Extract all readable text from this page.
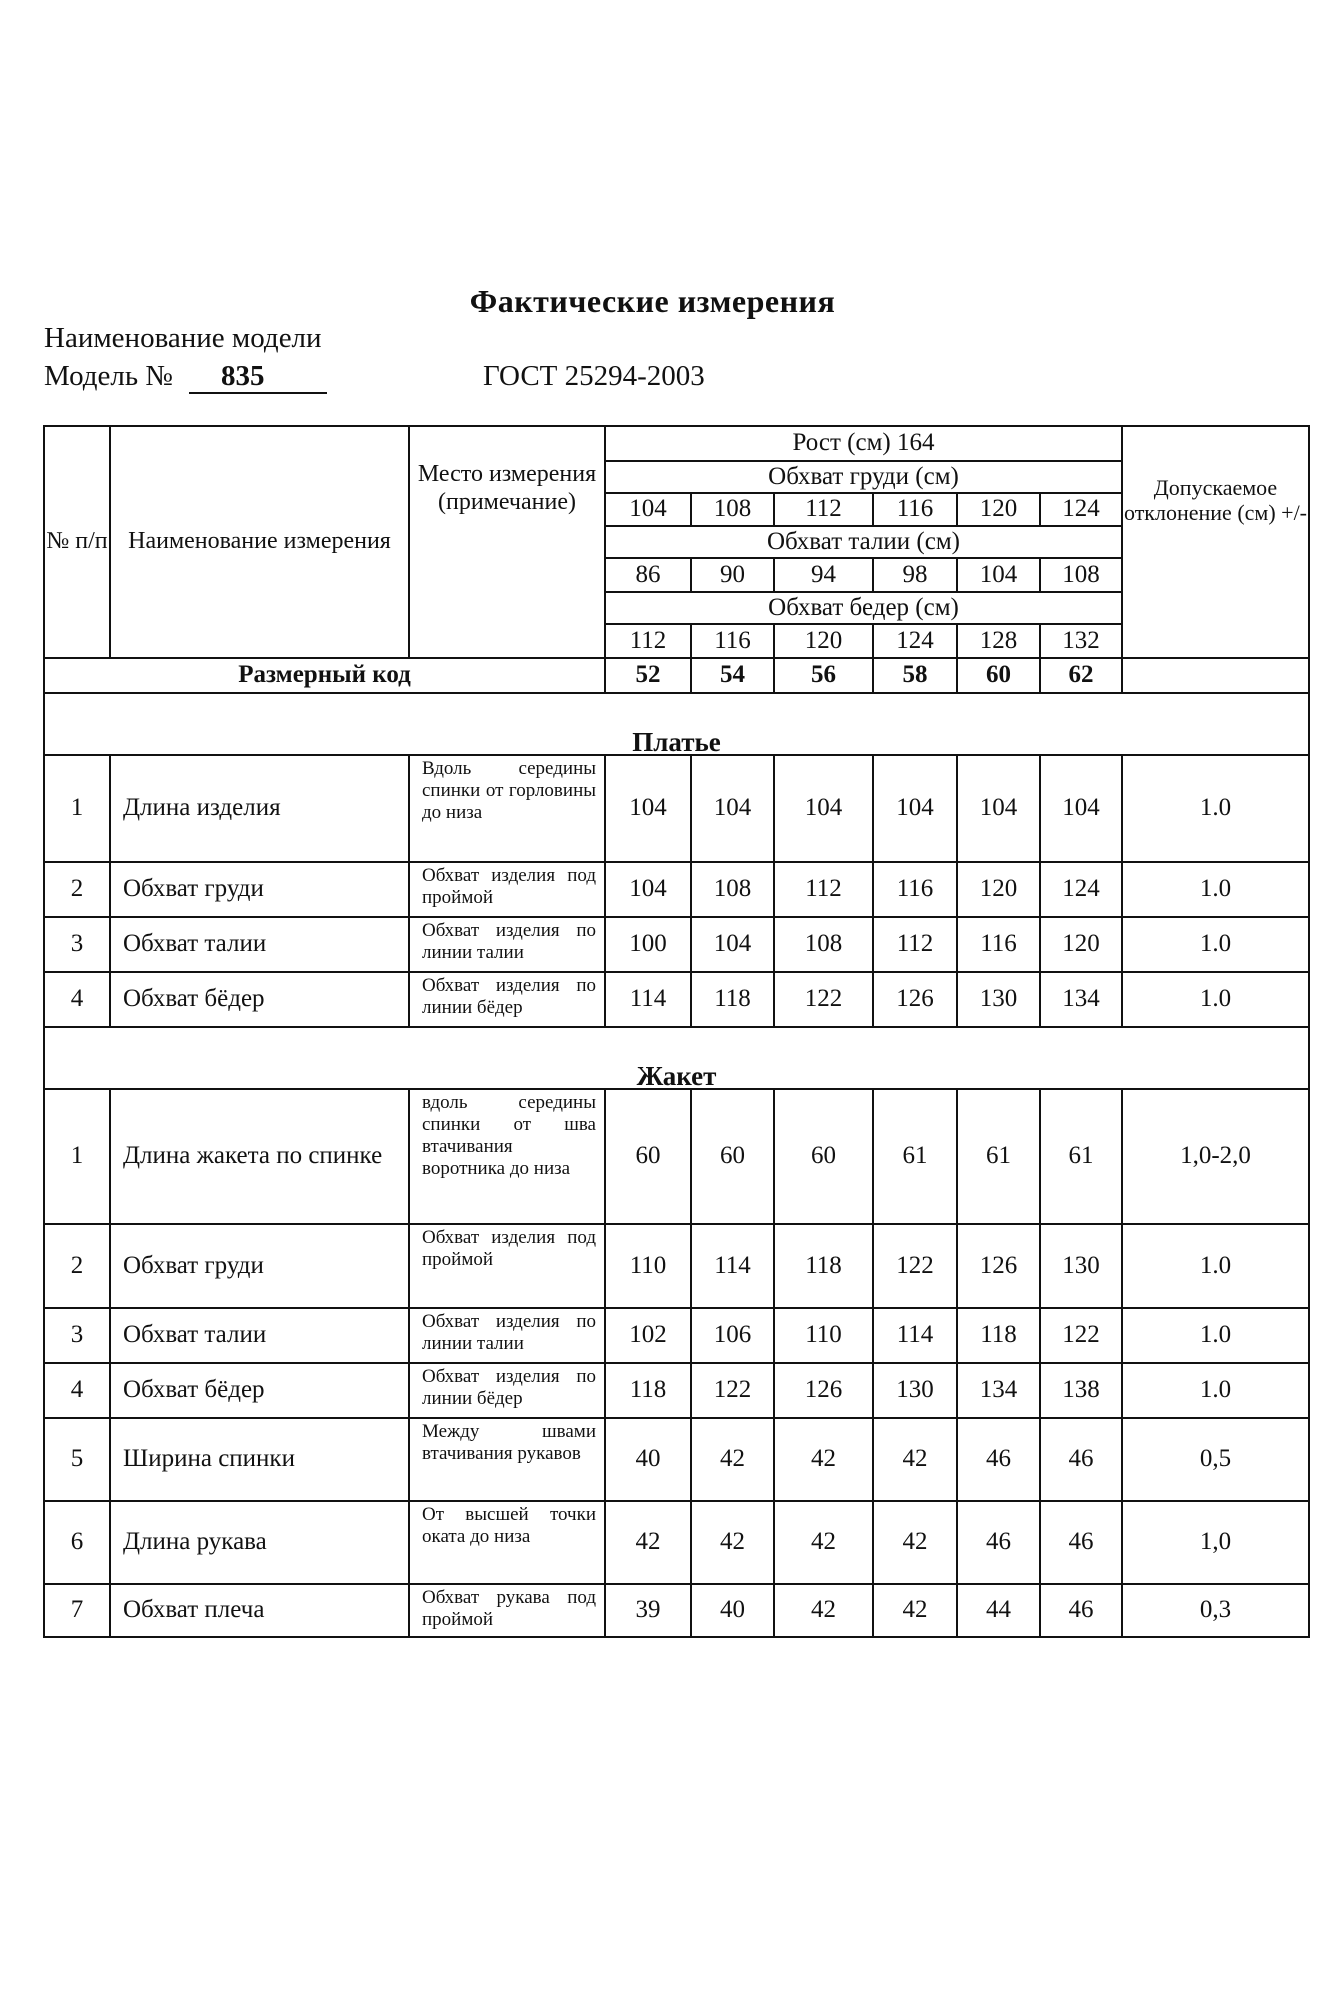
Фактические измерения
Наименование модели
Модель № 835	ГОСТ 25294-2003
№ п/п	Наименование измерения	Место измерения (примечание)	Рост (см) 164						
			Обхват груди (см)						Допускаемое отклонение (см) +/-
			104	108	112	116	120	124	
			Обхват талии (см)						
			86	90	94	98	104	108	
			Обхват бедер (см)						
			112	116	120	124	128	132	
Размерный код			52	54	56	58	60	62	
Платье									
1	Длина изделия	Вдоль середины спинки от горловины до низа	104	104	104	104	104	104	1.0
2	Обхват груди	Обхват изделия под проймой	104	108	112	116	120	124	1.0
3	Обхват талии	Обхват изделия по линии талии	100	104	108	112	116	120	1.0
4	Обхват бёдер	Обхват изделия по линии бёдер	114	118	122	126	130	134	1.0
Жакет									
1	Длина жакета по спинке	вдоль середины спинки от шва втачивания воротника до низа	60	60	60	61	61	61	1,0-2,0
2	Обхват груди	Обхват изделия под проймой	110	114	118	122	126	130	1.0
3	Обхват талии	Обхват изделия по линии талии	102	106	110	114	118	122	1.0
4	Обхват бёдер	Обхват изделия по линии бёдер	118	122	126	130	134	138	1.0
5	Ширина спинки	Между швами втачивания рукавов	40	42	42	42	46	46	0,5
6	Длина рукава	От высшей точки оката до низа	42	42	42	42	46	46	1,0
7	Обхват плеча	Обхват рукава под проймой	39	40	42	42	44	46	0,3
